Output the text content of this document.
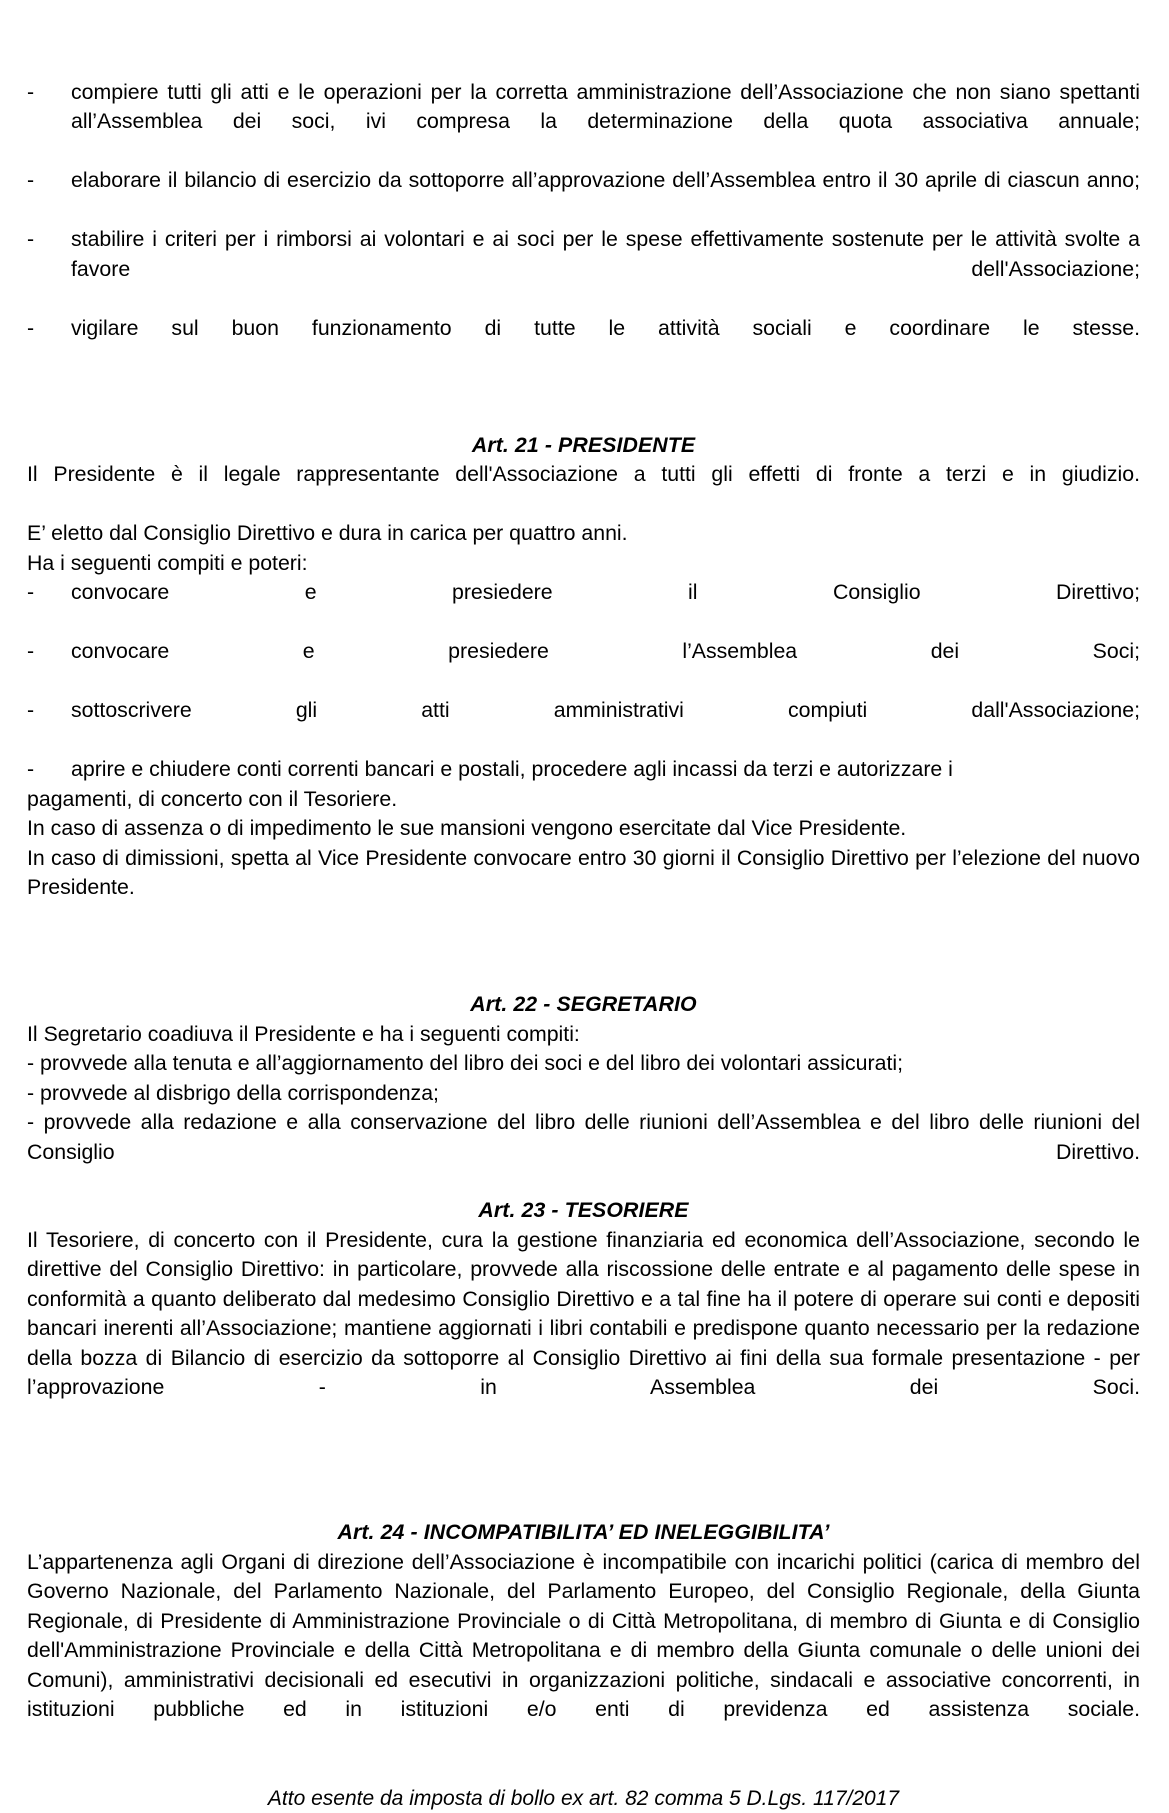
-	compiere tutti gli atti e le operazioni per la corretta amministrazione dell’Associazione che non siano spettanti all’Assemblea dei soci, ivi compresa la determinazione della quota associativa annuale;

-	elaborare il bilancio di esercizio da sottoporre all’approvazione dell’Assemblea entro il 30 aprile di ciascun anno;

-	stabilire i criteri per i rimborsi ai volontari e ai soci per le spese effettivamente sostenute per le attività svolte a favore dell'Associazione;

-	vigilare sul buon funzionamento di tutte le attività sociali e coordinare le stesse.

Art. 21 - PRESIDENTE

Il Presidente è il legale rappresentante dell'Associazione a tutti gli effetti di fronte a terzi e in giudizio.

E’ eletto dal Consiglio Direttivo e dura in carica per quattro anni.

Ha i seguenti compiti e poteri:

-	convocare e presiedere il Consiglio Direttivo;

-	convocare e presiedere l’Assemblea dei Soci;

-	sottoscrivere gli atti amministrativi compiuti dall'Associazione;

-	aprire e chiudere conti correnti bancari e postali, procedere agli incassi da terzi e autorizzare i

pagamenti, di concerto con il Tesoriere.

In caso di assenza o di impedimento le sue mansioni vengono esercitate dal Vice Presidente.

In caso di dimissioni, spetta al Vice Presidente convocare entro 30 giorni il Consiglio Direttivo per l’elezione del nuovo Presidente.

Art. 22 - SEGRETARIO

Il Segretario coadiuva il Presidente e ha i seguenti compiti:

- provvede alla tenuta e all’aggiornamento del libro dei soci e del libro dei volontari assicurati;

- provvede al disbrigo della corrispondenza;

- provvede alla redazione e alla conservazione del libro delle riunioni dell’Assemblea e del libro delle riunioni del Consiglio Direttivo.

Art. 23 - TESORIERE

Il Tesoriere, di concerto con il Presidente, cura la gestione finanziaria ed economica dell’Associazione, secondo le direttive del Consiglio Direttivo: in particolare, provvede alla riscossione delle entrate e al pagamento delle spese in conformità a quanto deliberato dal medesimo Consiglio Direttivo e a tal fine ha il potere di operare sui conti e depositi bancari inerenti all’Associazione; mantiene aggiornati i libri contabili e predispone quanto necessario per la redazione della bozza di Bilancio di esercizio da sottoporre al Consiglio Direttivo ai fini della sua formale presentazione - per l’approvazione - in Assemblea dei Soci.

Art. 24 - INCOMPATIBILITA’ ED INELEGGIBILITA’

L’appartenenza agli Organi di direzione dell’Associazione è incompatibile con incarichi politici (carica di membro del Governo Nazionale, del Parlamento Nazionale, del Parlamento Europeo, del Consiglio Regionale, della Giunta Regionale, di Presidente di Amministrazione Provinciale o di Città Metropolitana, di membro di Giunta e di Consiglio dell'Amministrazione Provinciale e della Città Metropolitana e di membro della Giunta comunale o delle unioni dei Comuni), amministrativi decisionali ed esecutivi in organizzazioni politiche, sindacali e associative concorrenti, in istituzioni pubbliche ed in istituzioni e/o enti di previdenza ed assistenza sociale.

Atto esente da imposta di bollo ex art. 82 comma 5 D.Lgs. 117/2017
